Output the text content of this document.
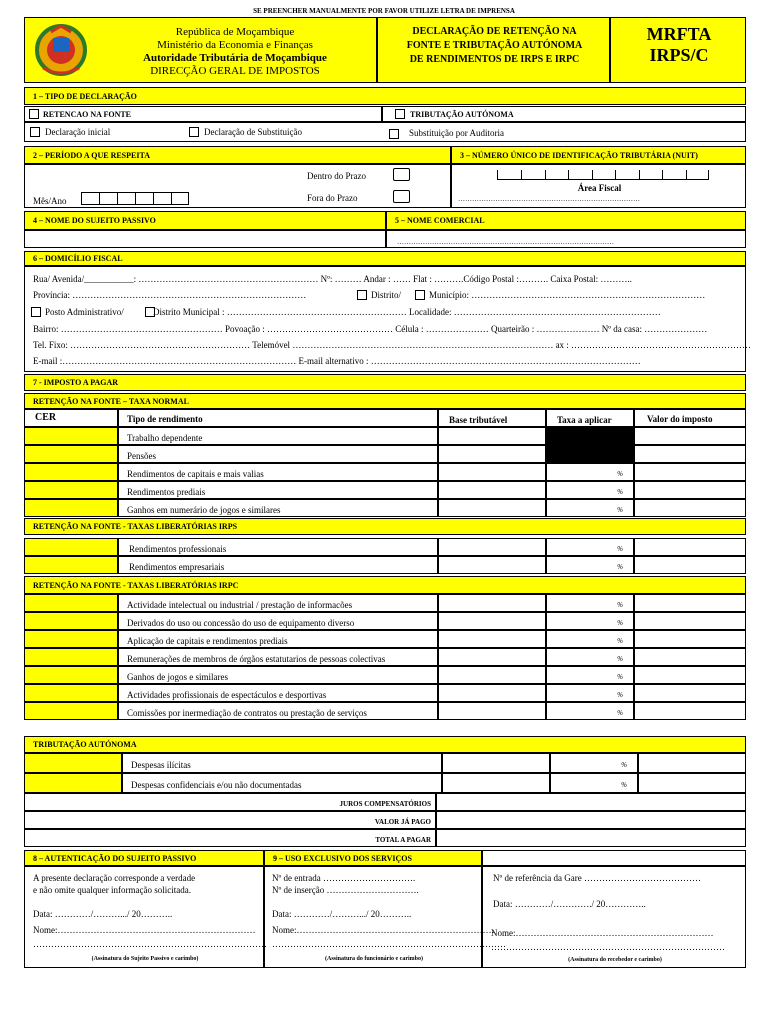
SE PREENCHER MANUALMENTE POR FAVOR UTILIZE LETRA DE IMPRENSA
República de Moçambique
Ministério da Economia e Finanças
Autoridade Tributária de Moçambique
DIRECÇÃO GERAL DE IMPOSTOS
DECLARAÇÃO DE RETENÇÃO NA
FONTE E TRIBUTAÇÃO AUTÓNOMA
DE RENDIMENTOS DE IRPS E IRPC
MRFTA
IRPS/C
1 – TIPO DE DECLARAÇÃO
RETENCAO NA FONTE	TRIBUTAÇÃO AUTÓNOMA
Declaração inicial	Declaração de Substituição	Substituição por Auditoria
2 – PERÍODO A QUE RESPEITA	3 – NÚMERO ÚNICO DE IDENTIFICAÇÃO TRIBUTÁRIA (NUIT)
Mês/Ano
Dentro do Prazo
Fora do Prazo
Área Fiscal
……………………………………………………………………
4 – NOME DO SUJEITO PASSIVO	5 – NOME COMERCIAL
…………………………………………………………………………………
6 – DOMICÍLIO FISCAL
Rua/ Avenida/___________: …………………………………………………… Nº: ……… Andar : …… Flat : ……….Código Postal :………. Caixa Postal: ………..
Província: ……………………………………………………………………	Distrito/	Município: ……………………………………………………………………
Posto Administrativo/	Distrito Municipal : …………………………………………………… Localidade: ……………………………………………………………
Bairro: ……………………………………………… Povoação : …………………………………… Célula : ………………… Quarteirão : ………………… Nº da casa: …………………
Tel. Fixo: …………………………………………………… Telemóvel …………………………………………………………………………… ax : ……………………………………………………
E-mail :…………………………………………………………………… E-mail alternativo : ………………………………………………………………………………
7 - IMPOSTO A PAGAR
RETENÇÃO NA FONTE – TAXA NORMAL
CER	Tipo de rendimento	Base tributável	Taxa a aplicar	Valor do imposto
Trabalho dependente
Pensões
Rendimentos de capitais e mais valias	%
Rendimentos prediais	%
Ganhos em numerário de jogos e similares	%
RETENÇÃO NA FONTE - TAXAS LIBERATÓRIAS IRPS
Rendimentos professionais	%
Rendimentos empresariais	%
RETENÇÃO NA FONTE - TAXAS LIBERATÓRIAS IRPC
Actividade intelectual ou industrial / prestação de informacões	%
Derivados do uso ou concessão do uso de equipamento diverso	%
Aplicação de capitais e rendimentos prediais	%
Remunerações de membros de órgãos estatutarios de pessoas colectivas	%
Ganhos de jogos e similares	%
Actividades profissionais de espectáculos e desportivas	%
Comissões por inermediação de contratos ou prestação de serviços	%
TRIBUTAÇÃO AUTÓNOMA
Despesas ilícitas	%
Despesas confidenciais e/ou não documentadas	%
JUROS COMPENSATÓRIOS
VALOR JÁ PAGO
TOTAL A PAGAR
8 – AUTENTICAÇÃO DO SUJEITO PASSIVO	9 – USO EXCLUSIVO DOS SERVIÇOS
A presente declaração corresponde a verdade
e não omite qualquer informação solicitada.
Data: …………/……….../ 20………..
Nome:…………………………………………………………
……………………………………………………………………
(Assinatura do Sujeito Passivo e carimbo)
Nº de entrada ………………………….
Nº de inserção ………………………….
Data: …………/……….../ 20………..
Nome:…………………………………………………………
……………………………………………………………………
(Assinatura do funcionário e carimbo)
Nº de referência da Gare …………………………………
Data: …………/…………./ 20…………..
Nome:…………………………………………………………
……………………………………………………………………
(Assinatura do recebedor e carimbo)
